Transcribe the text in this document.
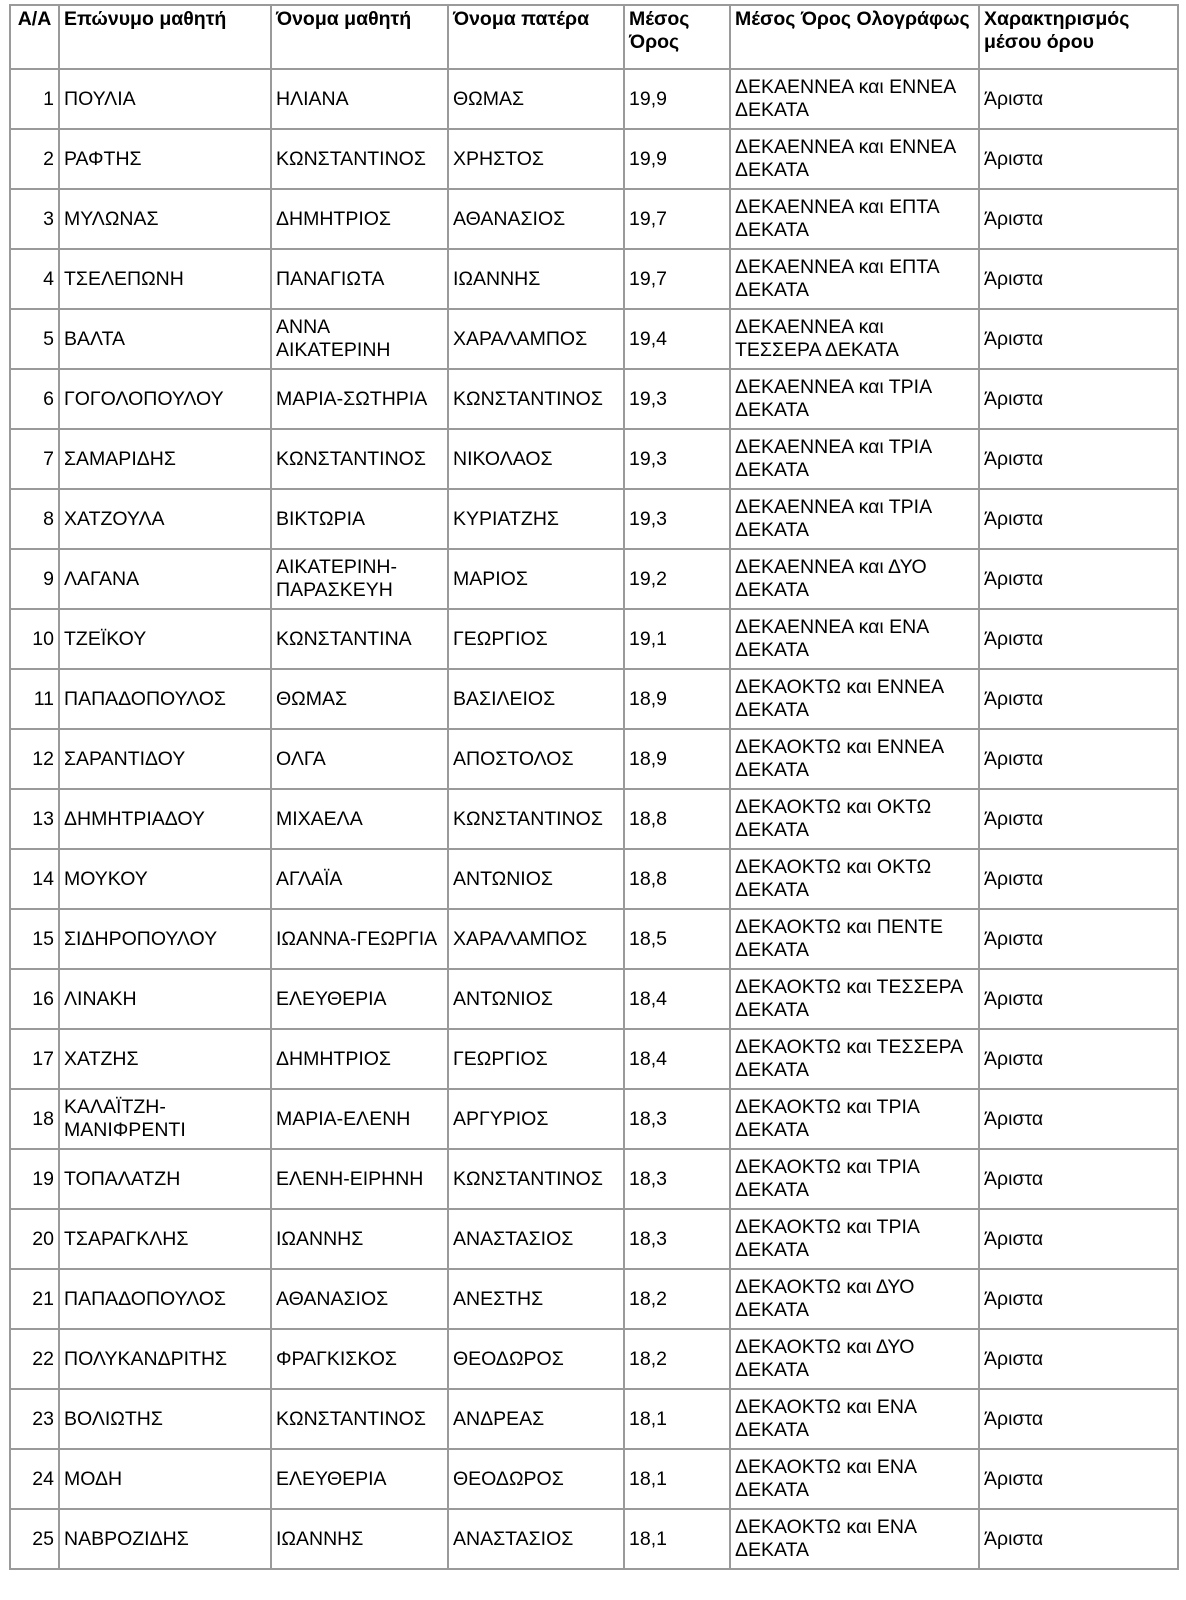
Α/Α	Επώνυμο μαθητή	Όνομα μαθητή	Όνομα πατέρα	Μέσος Όρος	Μέσος Όρος Ολογράφως	Χαρακτηρισμός μέσου όρου
1	ΠΟΥΛΙΑ	ΗΛΙΑΝΑ	ΘΩΜΑΣ	19,9	ΔΕΚΑΕΝΝΕΑ και ΕΝΝΕΑ ΔΕΚΑΤΑ	Άριστα
2	ΡΑΦΤΗΣ	ΚΩΝΣΤΑΝΤΙΝΟΣ	ΧΡΗΣΤΟΣ	19,9	ΔΕΚΑΕΝΝΕΑ και ΕΝΝΕΑ ΔΕΚΑΤΑ	Άριστα
3	ΜΥΛΩΝΑΣ	ΔΗΜΗΤΡΙΟΣ	ΑΘΑΝΑΣΙΟΣ	19,7	ΔΕΚΑΕΝΝΕΑ και ΕΠΤΑ ΔΕΚΑΤΑ	Άριστα
4	ΤΣΕΛΕΠΩΝΗ	ΠΑΝΑΓΙΩΤΑ	ΙΩΑΝΝΗΣ	19,7	ΔΕΚΑΕΝΝΕΑ και ΕΠΤΑ ΔΕΚΑΤΑ	Άριστα
5	ΒΑΛΤΑ	ΑΝΝΑ ΑΙΚΑΤΕΡΙΝΗ	ΧΑΡΑΛΑΜΠΟΣ	19,4	ΔΕΚΑΕΝΝΕΑ και ΤΕΣΣΕΡΑ ΔΕΚΑΤΑ	Άριστα
6	ΓΟΓΟΛΟΠΟΥΛΟΥ	ΜΑΡΙΑ-ΣΩΤΗΡΙΑ	ΚΩΝΣΤΑΝΤΙΝΟΣ	19,3	ΔΕΚΑΕΝΝΕΑ και ΤΡΙΑ ΔΕΚΑΤΑ	Άριστα
7	ΣΑΜΑΡΙΔΗΣ	ΚΩΝΣΤΑΝΤΙΝΟΣ	ΝΙΚΟΛΑΟΣ	19,3	ΔΕΚΑΕΝΝΕΑ και ΤΡΙΑ ΔΕΚΑΤΑ	Άριστα
8	ΧΑΤΖΟΥΛΑ	ΒΙΚΤΩΡΙΑ	ΚΥΡΙΑΤΖΗΣ	19,3	ΔΕΚΑΕΝΝΕΑ και ΤΡΙΑ ΔΕΚΑΤΑ	Άριστα
9	ΛΑΓΑΝΑ	ΑΙΚΑΤΕΡΙΝΗ-ΠΑΡΑΣΚΕΥΗ	ΜΑΡΙΟΣ	19,2	ΔΕΚΑΕΝΝΕΑ και ΔΥΟ ΔΕΚΑΤΑ	Άριστα
10	ΤΖΕΪΚΟΥ	ΚΩΝΣΤΑΝΤΙΝΑ	ΓΕΩΡΓΙΟΣ	19,1	ΔΕΚΑΕΝΝΕΑ και ΕΝΑ ΔΕΚΑΤΑ	Άριστα
11	ΠΑΠΑΔΟΠΟΥΛΟΣ	ΘΩΜΑΣ	ΒΑΣΙΛΕΙΟΣ	18,9	ΔΕΚΑΟΚΤΩ και ΕΝΝΕΑ ΔΕΚΑΤΑ	Άριστα
12	ΣΑΡΑΝΤΙΔΟΥ	ΟΛΓΑ	ΑΠΟΣΤΟΛΟΣ	18,9	ΔΕΚΑΟΚΤΩ και ΕΝΝΕΑ ΔΕΚΑΤΑ	Άριστα
13	ΔΗΜΗΤΡΙΑΔΟΥ	ΜΙΧΑΕΛΑ	ΚΩΝΣΤΑΝΤΙΝΟΣ	18,8	ΔΕΚΑΟΚΤΩ και ΟΚΤΩ ΔΕΚΑΤΑ	Άριστα
14	ΜΟΥΚΟΥ	ΑΓΛΑΪΑ	ΑΝΤΩΝΙΟΣ	18,8	ΔΕΚΑΟΚΤΩ και ΟΚΤΩ ΔΕΚΑΤΑ	Άριστα
15	ΣΙΔΗΡΟΠΟΥΛΟΥ	ΙΩΑΝΝΑ-ΓΕΩΡΓΙΑ	ΧΑΡΑΛΑΜΠΟΣ	18,5	ΔΕΚΑΟΚΤΩ και ΠΕΝΤΕ ΔΕΚΑΤΑ	Άριστα
16	ΛΙΝΑΚΗ	ΕΛΕΥΘΕΡΙΑ	ΑΝΤΩΝΙΟΣ	18,4	ΔΕΚΑΟΚΤΩ και ΤΕΣΣΕΡΑ ΔΕΚΑΤΑ	Άριστα
17	ΧΑΤΖΗΣ	ΔΗΜΗΤΡΙΟΣ	ΓΕΩΡΓΙΟΣ	18,4	ΔΕΚΑΟΚΤΩ και ΤΕΣΣΕΡΑ ΔΕΚΑΤΑ	Άριστα
18	ΚΑΛΑΪΤΖΗ-ΜΑΝΙΦΡΕΝΤΙ	ΜΑΡΙΑ-ΕΛΕΝΗ	ΑΡΓΥΡΙΟΣ	18,3	ΔΕΚΑΟΚΤΩ και ΤΡΙΑ ΔΕΚΑΤΑ	Άριστα
19	ΤΟΠΑΛΑΤΖΗ	ΕΛΕΝΗ-ΕΙΡΗΝΗ	ΚΩΝΣΤΑΝΤΙΝΟΣ	18,3	ΔΕΚΑΟΚΤΩ και ΤΡΙΑ ΔΕΚΑΤΑ	Άριστα
20	ΤΣΑΡΑΓΚΛΗΣ	ΙΩΑΝΝΗΣ	ΑΝΑΣΤΑΣΙΟΣ	18,3	ΔΕΚΑΟΚΤΩ και ΤΡΙΑ ΔΕΚΑΤΑ	Άριστα
21	ΠΑΠΑΔΟΠΟΥΛΟΣ	ΑΘΑΝΑΣΙΟΣ	ΑΝΕΣΤΗΣ	18,2	ΔΕΚΑΟΚΤΩ και ΔΥΟ ΔΕΚΑΤΑ	Άριστα
22	ΠΟΛΥΚΑΝΔΡΙΤΗΣ	ΦΡΑΓΚΙΣΚΟΣ	ΘΕΟΔΩΡΟΣ	18,2	ΔΕΚΑΟΚΤΩ και ΔΥΟ ΔΕΚΑΤΑ	Άριστα
23	ΒΟΛΙΩΤΗΣ	ΚΩΝΣΤΑΝΤΙΝΟΣ	ΑΝΔΡΕΑΣ	18,1	ΔΕΚΑΟΚΤΩ και ΕΝΑ ΔΕΚΑΤΑ	Άριστα
24	ΜΟΔΗ	ΕΛΕΥΘΕΡΙΑ	ΘΕΟΔΩΡΟΣ	18,1	ΔΕΚΑΟΚΤΩ και ΕΝΑ ΔΕΚΑΤΑ	Άριστα
25	ΝΑΒΡΟΖΙΔΗΣ	ΙΩΑΝΝΗΣ	ΑΝΑΣΤΑΣΙΟΣ	18,1	ΔΕΚΑΟΚΤΩ και ΕΝΑ ΔΕΚΑΤΑ	Άριστα
